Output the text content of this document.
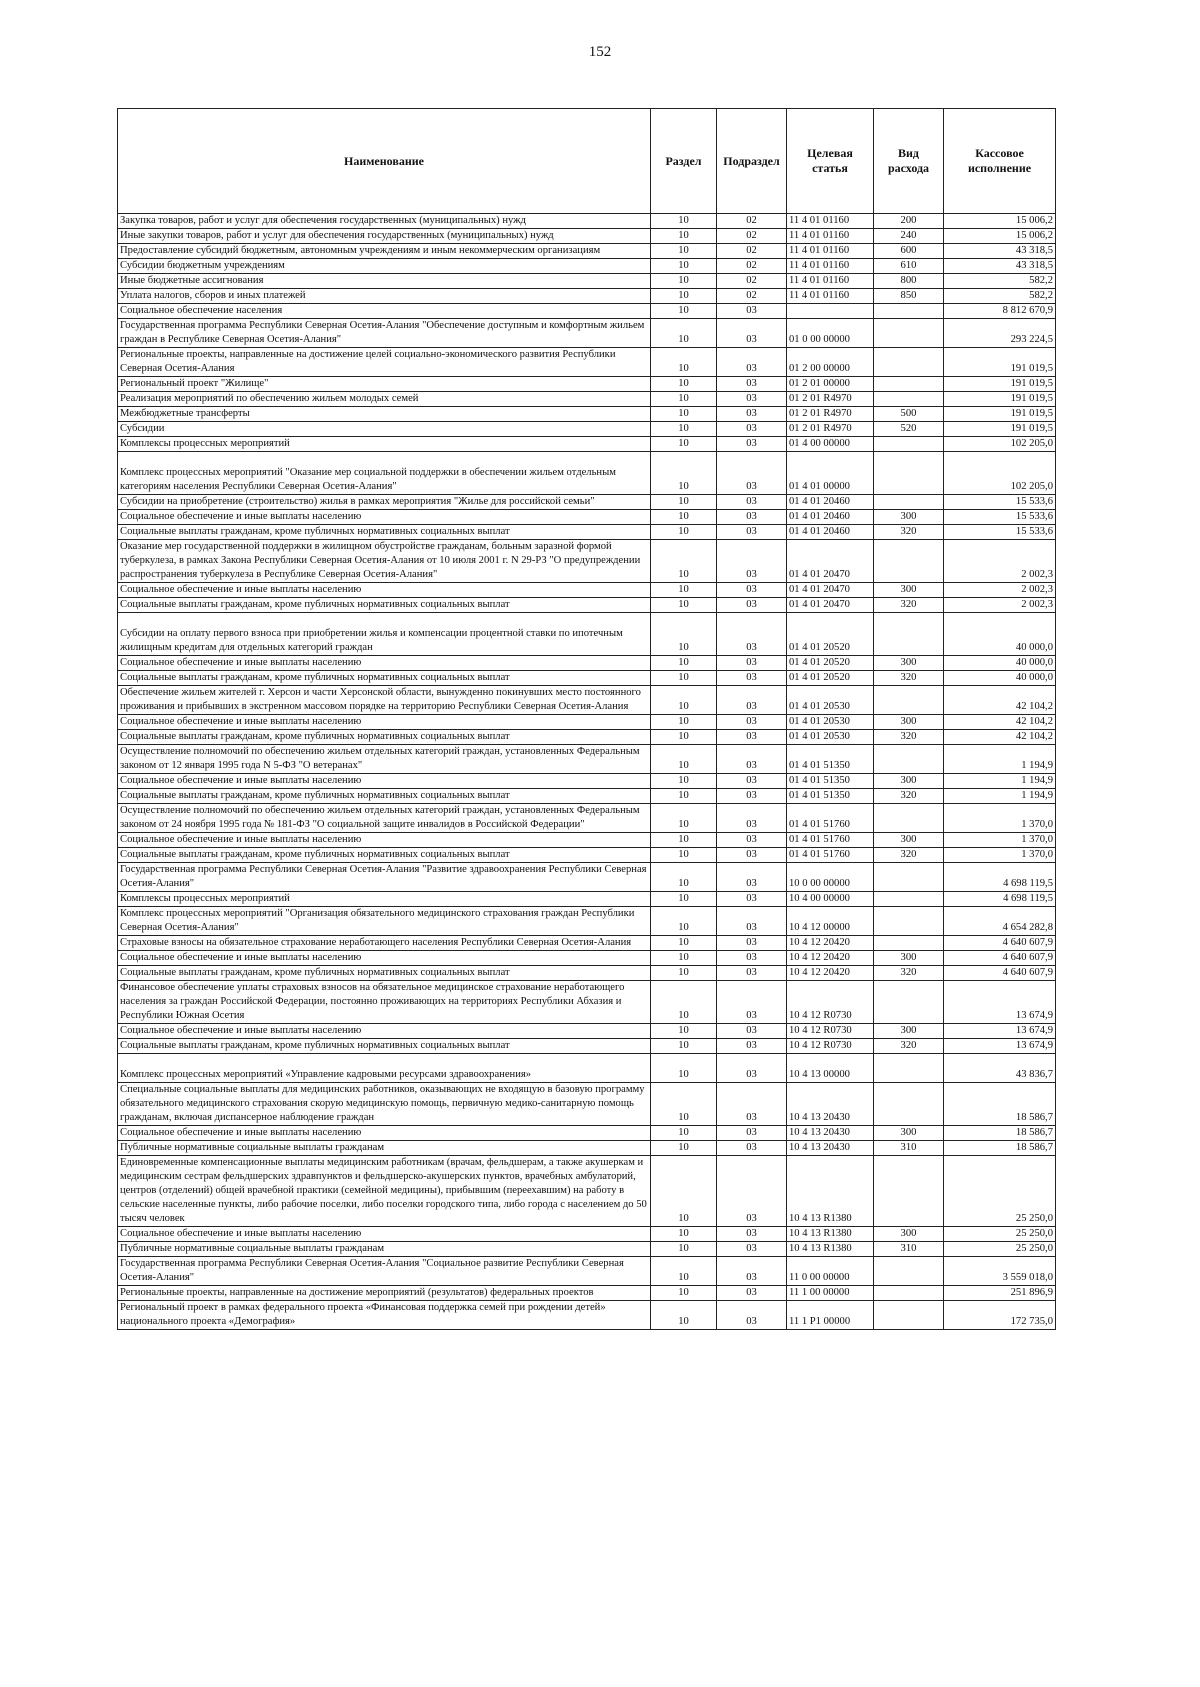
152
Наименование	Раздел	Подраздел	Целевая статья	Вид расхода	Кассовое исполнение
Закупка товаров, работ и услуг для обеспечения государственных (муниципальных) нужд	10	02	11 4 01 01160	200	15 006,2
Иные закупки товаров, работ и услуг для обеспечения государственных (муниципальных) нужд	10	02	11 4 01 01160	240	15 006,2
Предоставление субсидий бюджетным, автономным учреждениям и иным некоммерческим организациям	10	02	11 4 01 01160	600	43 318,5
Субсидии бюджетным учреждениям	10	02	11 4 01 01160	610	43 318,5
Иные бюджетные ассигнования	10	02	11 4 01 01160	800	582,2
Уплата налогов, сборов и иных платежей	10	02	11 4 01 01160	850	582,2
Социальное обеспечение населения	10	03			8 812 670,9
Государственная программа Республики Северная Осетия-Алания "Обеспечение доступным и комфортным жильем граждан в Республике Северная Осетия-Алания"	10	03	01 0 00 00000		293 224,5
Региональные проекты, направленные на достижение целей социально-экономического развития Республики Северная Осетия-Алания	10	03	01 2 00 00000		191 019,5
Региональный проект "Жилище"	10	03	01 2 01 00000		191 019,5
Реализация мероприятий по обеспечению жильем молодых семей	10	03	01 2 01 R4970		191 019,5
Межбюджетные трансферты	10	03	01 2 01 R4970	500	191 019,5
Субсидии	10	03	01 2 01 R4970	520	191 019,5
Комплексы процессных мероприятий	10	03	01 4 00 00000		102 205,0
Комплекс процессных мероприятий "Оказание мер социальной поддержки в обеспечении жильем отдельным категориям населения Республики Северная Осетия-Алания"	10	03	01 4 01 00000		102 205,0
Субсидии на приобретение (строительство) жилья в рамках мероприятия "Жилье для российской семьи"	10	03	01 4 01 20460		15 533,6
Социальное обеспечение и иные выплаты населению	10	03	01 4 01 20460	300	15 533,6
Социальные выплаты гражданам, кроме публичных нормативных социальных выплат	10	03	01 4 01 20460	320	15 533,6
Оказание мер государственной поддержки в жилищном обустройстве гражданам, больным заразной формой туберкулеза, в рамках Закона Республики Северная Осетия-Алания от 10 июля 2001 г. N 29-РЗ "О предупреждении распространения туберкулеза в Республике Северная Осетия-Алания"	10	03	01 4 01 20470		2 002,3
Социальное обеспечение и иные выплаты населению	10	03	01 4 01 20470	300	2 002,3
Социальные выплаты гражданам, кроме публичных нормативных социальных выплат	10	03	01 4 01 20470	320	2 002,3
Субсидии на оплату первого взноса при приобретении жилья и компенсации процентной ставки по ипотечным жилищным кредитам для отдельных категорий граждан	10	03	01 4 01 20520		40 000,0
Социальное обеспечение и иные выплаты населению	10	03	01 4 01 20520	300	40 000,0
Социальные выплаты гражданам, кроме публичных нормативных социальных выплат	10	03	01 4 01 20520	320	40 000,0
Обеспечение жильем жителей г. Херсон и части Херсонской области, вынужденно покинувших место постоянного проживания и прибывших в экстренном массовом порядке на территорию Республики Северная Осетия-Алания	10	03	01 4 01 20530		42 104,2
Социальное обеспечение и иные выплаты населению	10	03	01 4 01 20530	300	42 104,2
Социальные выплаты гражданам, кроме публичных нормативных социальных выплат	10	03	01 4 01 20530	320	42 104,2
Осуществление полномочий по обеспечению жильем отдельных категорий граждан, установленных Федеральным законом от 12 января 1995 года N 5-ФЗ "О ветеранах"	10	03	01 4 01 51350		1 194,9
Социальное обеспечение и иные выплаты населению	10	03	01 4 01 51350	300	1 194,9
Социальные выплаты гражданам, кроме публичных нормативных социальных выплат	10	03	01 4 01 51350	320	1 194,9
Осуществление полномочий по обеспечению жильем отдельных категорий граждан, установленных Федеральным законом от 24 ноября 1995 года № 181-ФЗ "О социальной защите инвалидов в Российской Федерации"	10	03	01 4 01 51760		1 370,0
Социальное обеспечение и иные выплаты населению	10	03	01 4 01 51760	300	1 370,0
Социальные выплаты гражданам, кроме публичных нормативных социальных выплат	10	03	01 4 01 51760	320	1 370,0
Государственная программа Республики Северная Осетия-Алания "Развитие здравоохранения Республики Северная Осетия-Алания"	10	03	10 0 00 00000		4 698 119,5
Комплексы процессных мероприятий	10	03	10 4 00 00000		4 698 119,5
Комплекс процессных мероприятий "Организация обязательного медицинского страхования граждан Республики Северная Осетия-Алания"	10	03	10 4 12 00000		4 654 282,8
Страховые взносы на обязательное страхование неработающего населения Республики Северная Осетия-Алания	10	03	10 4 12 20420		4 640 607,9
Социальное обеспечение и иные выплаты населению	10	03	10 4 12 20420	300	4 640 607,9
Социальные выплаты гражданам, кроме публичных нормативных социальных выплат	10	03	10 4 12 20420	320	4 640 607,9
Финансовое обеспечение уплаты страховых взносов на обязательное медицинское страхование неработающего населения за граждан Российской Федерации, постоянно проживающих на территориях Республики Абхазия и Республики Южная Осетия	10	03	10 4 12 R0730		13 674,9
Социальное обеспечение и иные выплаты населению	10	03	10 4 12 R0730	300	13 674,9
Социальные выплаты гражданам, кроме публичных нормативных социальных выплат	10	03	10 4 12 R0730	320	13 674,9
Комплекс процессных мероприятий «Управление кадровыми ресурсами здравоохранения»	10	03	10 4 13 00000		43 836,7
Специальные социальные выплаты для медицинских работников, оказывающих не входящую в базовую программу обязательного медицинского страхования скорую медицинскую помощь, первичную медико-санитарную помощь гражданам, включая диспансерное наблюдение граждан	10	03	10 4 13 20430		18 586,7
Социальное обеспечение и иные выплаты населению	10	03	10 4 13 20430	300	18 586,7
Публичные нормативные социальные выплаты гражданам	10	03	10 4 13 20430	310	18 586,7
Единовременные компенсационные выплаты медицинским работникам (врачам, фельдшерам, а также акушеркам и медицинским сестрам фельдшерских здравпунктов и фельдшерско-акушерских пунктов, врачебных амбулаторий, центров (отделений) общей врачебной практики (семейной медицины), прибывшим (переехавшим) на работу в сельские населенные пункты, либо рабочие поселки, либо поселки городского типа, либо города с населением до 50 тысяч человек	10	03	10 4 13 R1380		25 250,0
Социальное обеспечение и иные выплаты населению	10	03	10 4 13 R1380	300	25 250,0
Публичные нормативные социальные выплаты гражданам	10	03	10 4 13 R1380	310	25 250,0
Государственная программа Республики Северная Осетия-Алания "Социальное развитие Республики Северная Осетия-Алания"	10	03	11 0 00 00000		3 559 018,0
Региональные проекты, направленные на достижение мероприятий (результатов) федеральных проектов	10	03	11 1 00 00000		251 896,9
Региональный проект в рамках федерального проекта «Финансовая поддержка семей при рождении детей» национального проекта «Демография»	10	03	11 1 P1 00000		172 735,0
